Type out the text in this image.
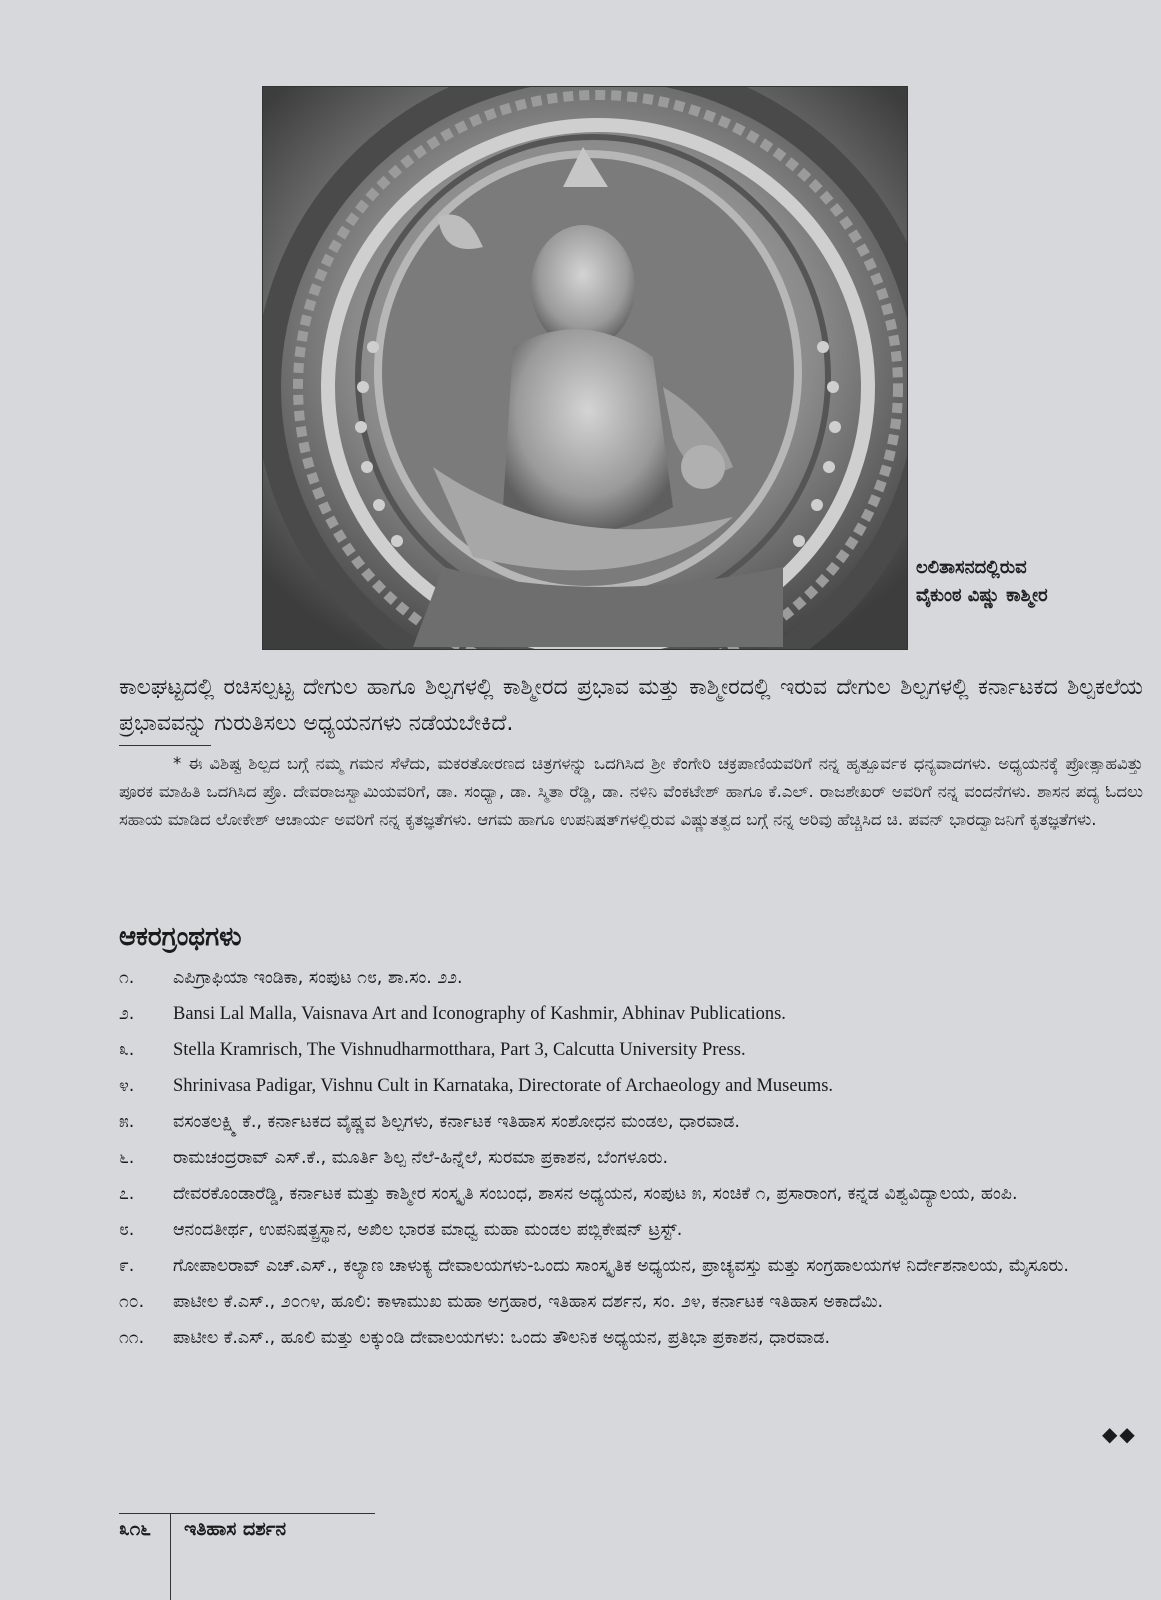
ಲಲಿತಾಸನದಲ್ಲಿರುವ
ವೈಕುಂಠ ವಿಷ್ಣು ಕಾಶ್ಮೀರ

ಕಾಲಘಟ್ಟದಲ್ಲಿ ರಚಿಸಲ್ಪಟ್ಟ ದೇಗುಲ ಹಾಗೂ ಶಿಲ್ಪಗಳಲ್ಲಿ ಕಾಶ್ಮೀರದ ಪ್ರಭಾವ ಮತ್ತು ಕಾಶ್ಮೀರದಲ್ಲಿ ಇರುವ ದೇಗುಲ ಶಿಲ್ಪಗಳಲ್ಲಿ ಕರ್ನಾಟಕದ ಶಿಲ್ಪಕಲೆಯ ಪ್ರಭಾವವನ್ನು ಗುರುತಿಸಲು ಅಧ್ಯಯನಗಳು ನಡೆಯಬೇಕಿದೆ.

* ಈ ವಿಶಿಷ್ಟ ಶಿಲ್ಪದ ಬಗ್ಗೆ ನಮ್ಮ ಗಮನ ಸೆಳೆದು, ಮಕರತೋರಣದ ಚಿತ್ರಗಳನ್ನು ಒದಗಿಸಿದ ಶ್ರೀ ಕೆಂಗೇರಿ ಚಕ್ರಪಾಣಿಯವರಿಗೆ ನನ್ನ ಹೃತ್ಪೂರ್ವಕ ಧನ್ಯವಾದಗಳು. ಅಧ್ಯಯನಕ್ಕೆ ಪ್ರೋತ್ಸಾಹವಿತ್ತು ಪೂರಕ ಮಾಹಿತಿ ಒದಗಿಸಿದ ಪ್ರೊ. ದೇವರಾಜಸ್ವಾಮಿಯವರಿಗೆ, ಡಾ. ಸಂಧ್ಯಾ, ಡಾ. ಸ್ಮಿತಾ ರೆಡ್ಡಿ, ಡಾ. ನಳಿನಿ ವೆಂಕಟೇಶ್ ಹಾಗೂ ಕೆ.ಎಲ್. ರಾಜಶೇಖರ್ ಅವರಿಗೆ ನನ್ನ ವಂದನೆಗಳು. ಶಾಸನ ಪದ್ಯ ಓದಲು ಸಹಾಯ ಮಾಡಿದ ಲೋಕೇಶ್ ಆಚಾರ್ಯ ಅವರಿಗೆ ನನ್ನ ಕೃತಜ್ಞತೆಗಳು. ಆಗಮ ಹಾಗೂ ಉಪನಿಷತ್‌ಗಳಲ್ಲಿರುವ ವಿಷ್ಣುತತ್ವದ ಬಗ್ಗೆ ನನ್ನ ಅರಿವು ಹೆಚ್ಚಿಸಿದ ಚಿ. ಪವನ್ ಭಾರದ್ವಾಜನಿಗೆ ಕೃತಜ್ಞತೆಗಳು.

ಆಕರಗ್ರಂಥಗಳು
೧.	ಎಪಿಗ್ರಾಫಿಯಾ ಇಂಡಿಕಾ, ಸಂಪುಟ ೧೮, ಶಾ.ಸಂ. ೨೨.
೨.	Bansi Lal Malla, Vaisnava Art and Iconography of Kashmir, Abhinav Publications.
೩.	Stella Kramrisch, The Vishnudharmotthara, Part 3, Calcutta University Press.
೪.	Shrinivasa Padigar, Vishnu Cult in Karnataka, Directorate of Archaeology and Museums.
೫.	ವಸಂತಲಕ್ಷ್ಮಿ ಕೆ., ಕರ್ನಾಟಕದ ವೈಷ್ಣವ ಶಿಲ್ಪಗಳು, ಕರ್ನಾಟಕ ಇತಿಹಾಸ ಸಂಶೋಧನ ಮಂಡಲ, ಧಾರವಾಡ.
೬.	ರಾಮಚಂದ್ರರಾವ್ ಎಸ್.ಕೆ., ಮೂರ್ತಿ ಶಿಲ್ಪ ನೆಲೆ-ಹಿನ್ನೆಲೆ, ಸುರಮಾ ಪ್ರಕಾಶನ, ಬೆಂಗಳೂರು.
೭.	ದೇವರಕೊಂಡಾರೆಡ್ಡಿ, ಕರ್ನಾಟಕ ಮತ್ತು ಕಾಶ್ಮೀರ ಸಂಸ್ಕೃತಿ ಸಂಬಂಧ, ಶಾಸನ ಅಧ್ಯಯನ, ಸಂಪುಟ ೫, ಸಂಚಿಕೆ ೧, ಪ್ರಸಾರಾಂಗ, ಕನ್ನಡ ವಿಶ್ವವಿದ್ಯಾಲಯ, ಹಂಪಿ.
೮.	ಆನಂದತೀರ್ಥ, ಉಪನಿಷತ್ಪ್ರಸ್ಥಾನ, ಅಖಿಲ ಭಾರತ ಮಾಧ್ವ ಮಹಾ ಮಂಡಲ ಪಬ್ಲಿಕೇಷನ್ ಟ್ರಸ್ಟ್.
೯.	ಗೋಪಾಲರಾವ್ ಎಚ್.ಎಸ್., ಕಲ್ಯಾಣ ಚಾಳುಕ್ಯ ದೇವಾಲಯಗಳು-ಒಂದು ಸಾಂಸ್ಕೃತಿಕ ಅಧ್ಯಯನ, ಪ್ರಾಚ್ಯವಸ್ತು ಮತ್ತು ಸಂಗ್ರಹಾಲಯಗಳ ನಿರ್ದೇಶನಾಲಯ, ಮೈಸೂರು.
೧೦.	ಪಾಟೀಲ ಕೆ.ಎಸ್., ೨೦೧೪, ಹೂಲಿ: ಕಾಳಾಮುಖ ಮಹಾ ಅಗ್ರಹಾರ, ಇತಿಹಾಸ ದರ್ಶನ, ಸಂ. ೨೪, ಕರ್ನಾಟಕ ಇತಿಹಾಸ ಅಕಾದೆಮಿ.
೧೧.	ಪಾಟೀಲ ಕೆ.ಎಸ್., ಹೂಲಿ ಮತ್ತು ಲಕ್ಕುಂಡಿ ದೇವಾಲಯಗಳು: ಒಂದು ತೌಲನಿಕ ಅಧ್ಯಯನ, ಪ್ರತಿಭಾ ಪ್ರಕಾಶನ, ಧಾರವಾಡ.
◆◆
೩೧೬ ಇತಿಹಾಸ ದರ್ಶನ
